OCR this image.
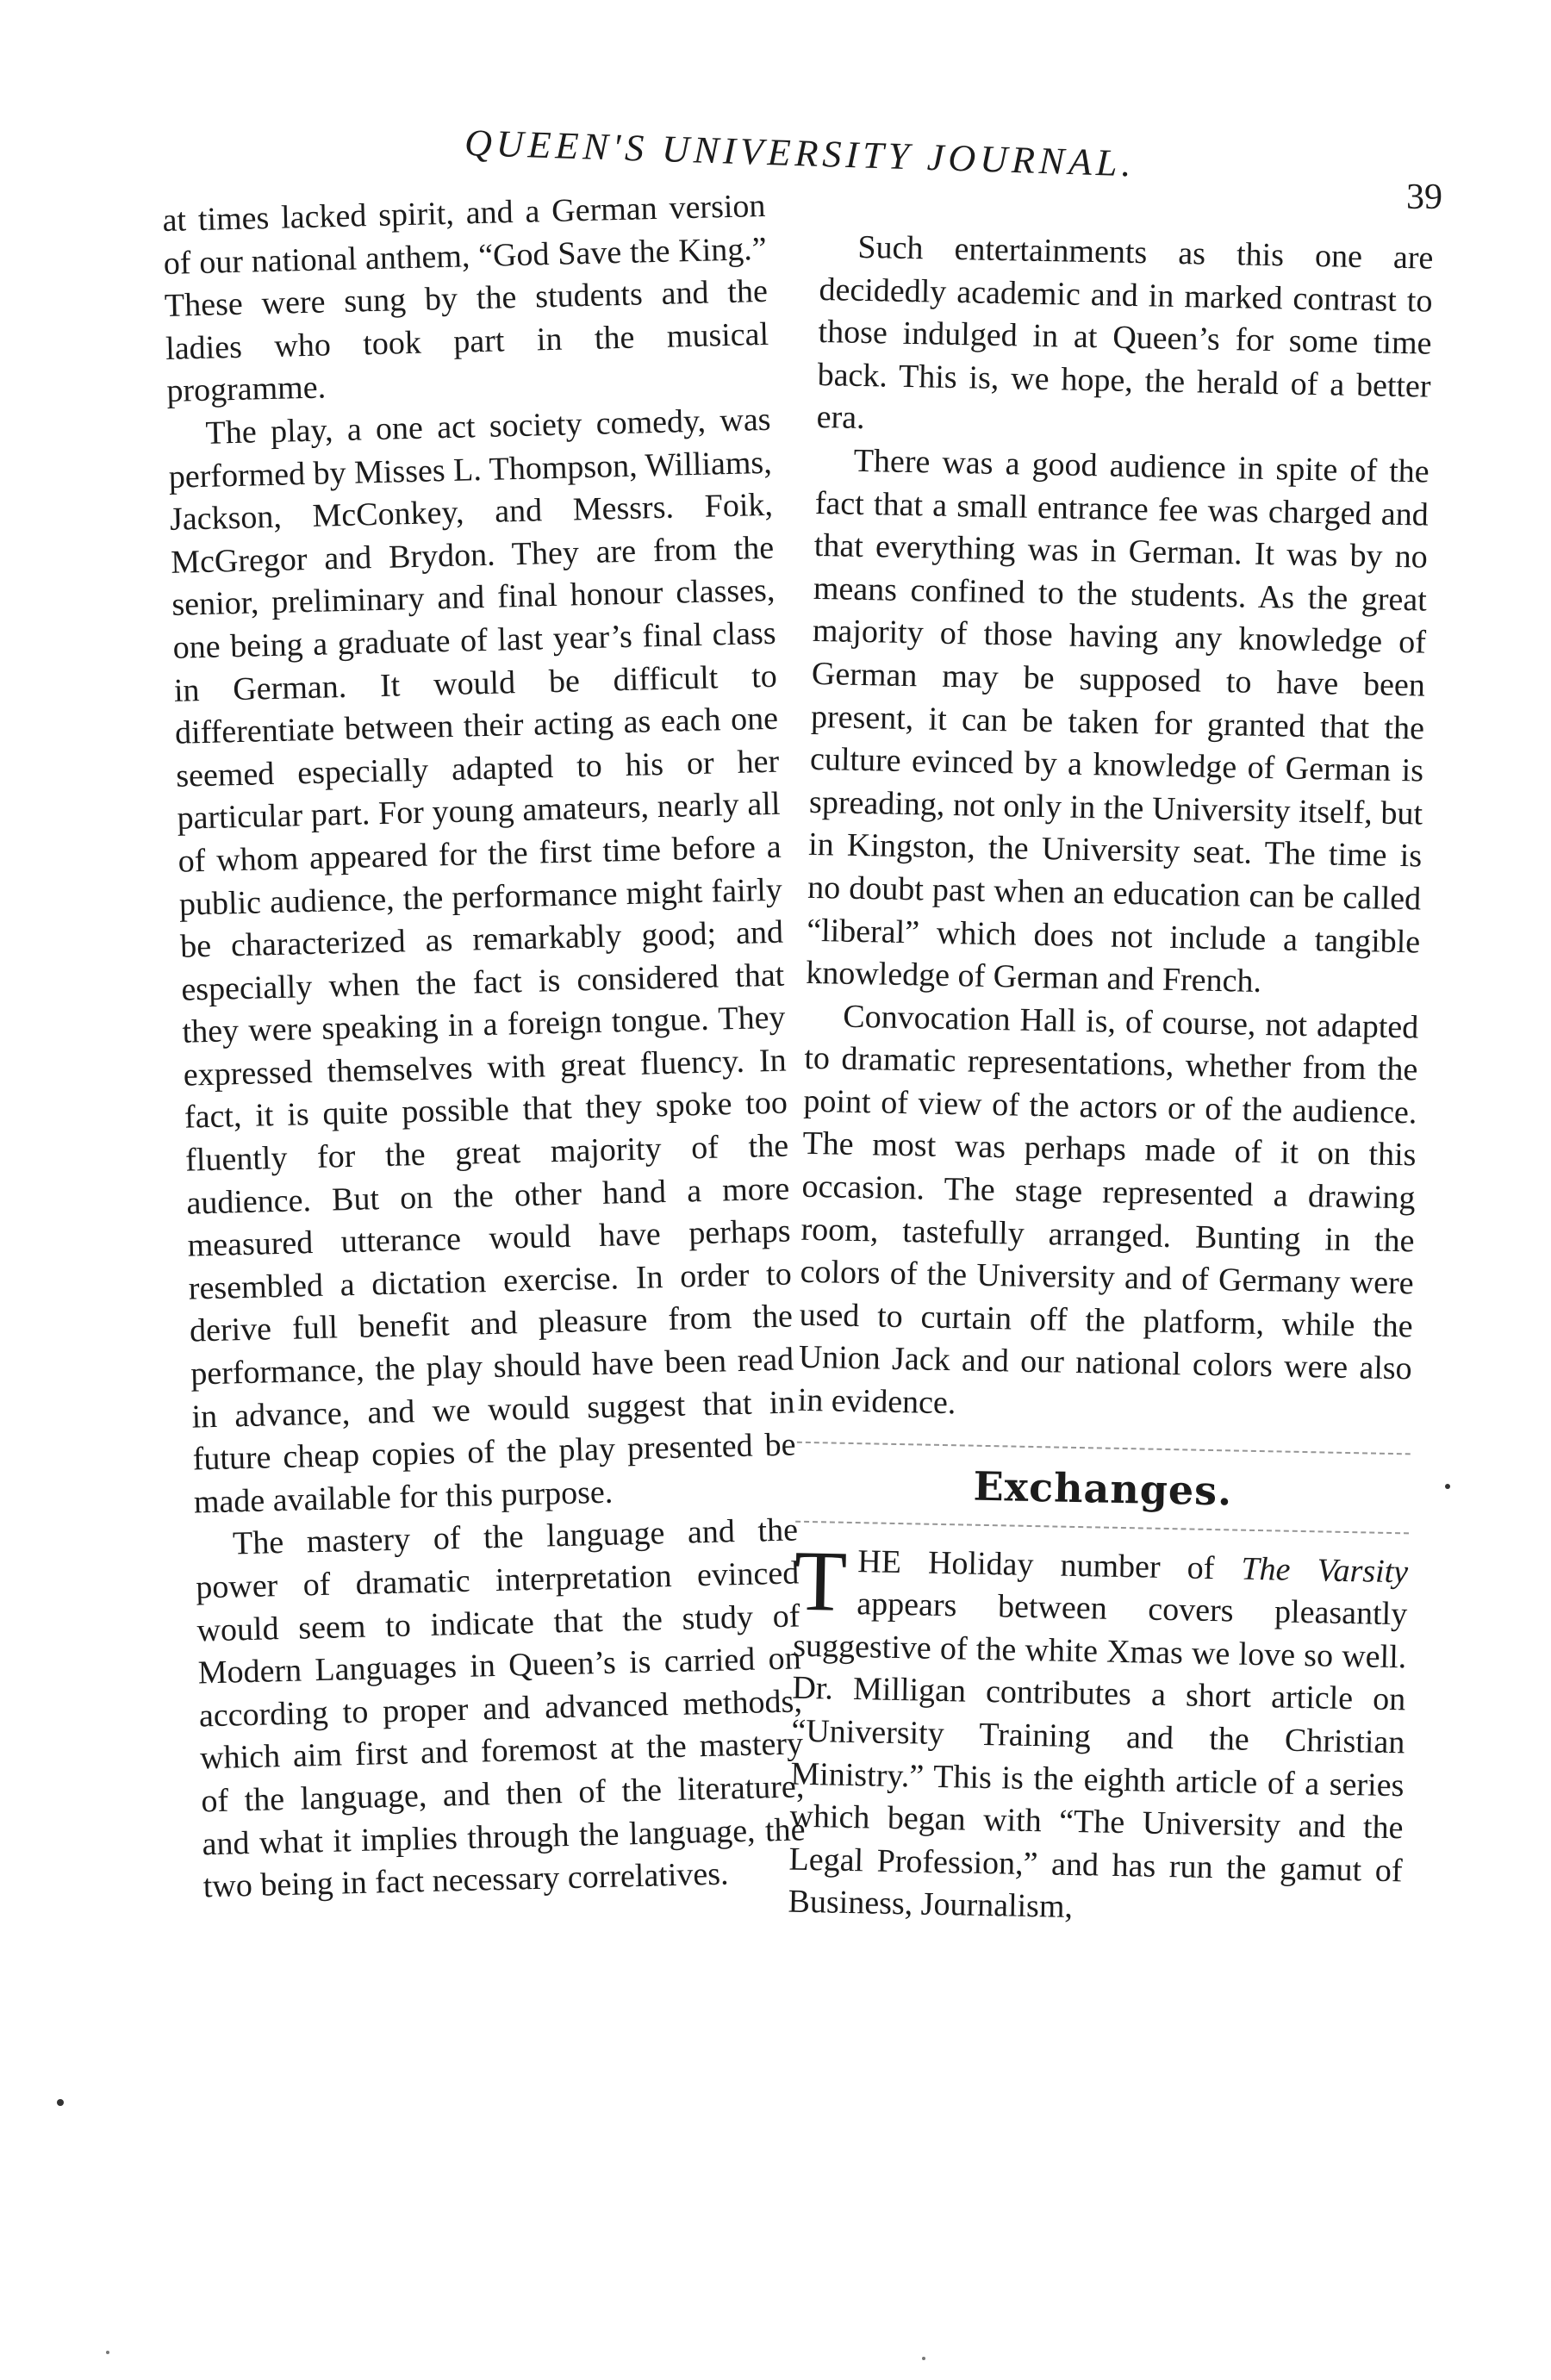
QUEEN'S UNIVERSITY JOURNAL.
39

at times lacked spirit, and a German version of our national anthem, “God Save the King.” These were sung by the students and the ladies who took part in the musical programme.

The play, a one act society comedy, was performed by Misses L. Thompson, Williams, Jackson, McConkey, and Messrs. Foik, McGregor and Brydon. They are from the senior, preliminary and final honour classes, one being a graduate of last year’s final class in German. It would be difficult to differentiate between their acting as each one seemed especially adapted to his or her particular part. For young amateurs, nearly all of whom appeared for the first time before a public audience, the performance might fairly be characterized as remarkably good; and especially when the fact is considered that they were speaking in a foreign tongue. They expressed themselves with great fluency. In fact, it is quite possible that they spoke too fluently for the great majority of the audience. But on the other hand a more measured utterance would have perhaps resembled a dictation exercise. In order to derive full benefit and pleasure from the performance, the play should have been read in advance, and we would suggest that in future cheap copies of the play presented be made available for this purpose.

The mastery of the language and the power of dramatic interpretation evinced would seem to indicate that the study of Modern Languages in Queen’s is carried on according to proper and advanced methods, which aim first and foremost at the mastery of the language, and then of the literature, and what it implies through the language, the two being in fact necessary correlatives.

Such entertainments as this one are decidedly academic and in marked contrast to those indulged in at Queen’s for some time back. This is, we hope, the herald of a better era.

There was a good audience in spite of the fact that a small entrance fee was charged and that everything was in German. It was by no means confined to the students. As the great majority of those having any knowledge of German may be supposed to have been present, it can be taken for granted that the culture evinced by a knowledge of German is spreading, not only in the University itself, but in Kingston, the University seat. The time is no doubt past when an education can be called “liberal” which does not include a tangible knowledge of German and French.

Convocation Hall is, of course, not adapted to dramatic representations, whether from the point of view of the actors or of the audience. The most was perhaps made of it on this occasion. The stage represented a drawing room, tastefully arranged. Bunting in the colors of the University and of Germany were used to curtain off the platform, while the Union Jack and our national colors were also in evidence.

Exchanges.

THE Holiday number of The Varsity appears between covers pleasantly suggestive of the white Xmas we love so well. Dr. Milligan contributes a short article on “University Training and the Christian Ministry.” This is the eighth article of a series which began with “The University and the Legal Profession,” and has run the gamut of Business, Journalism,
